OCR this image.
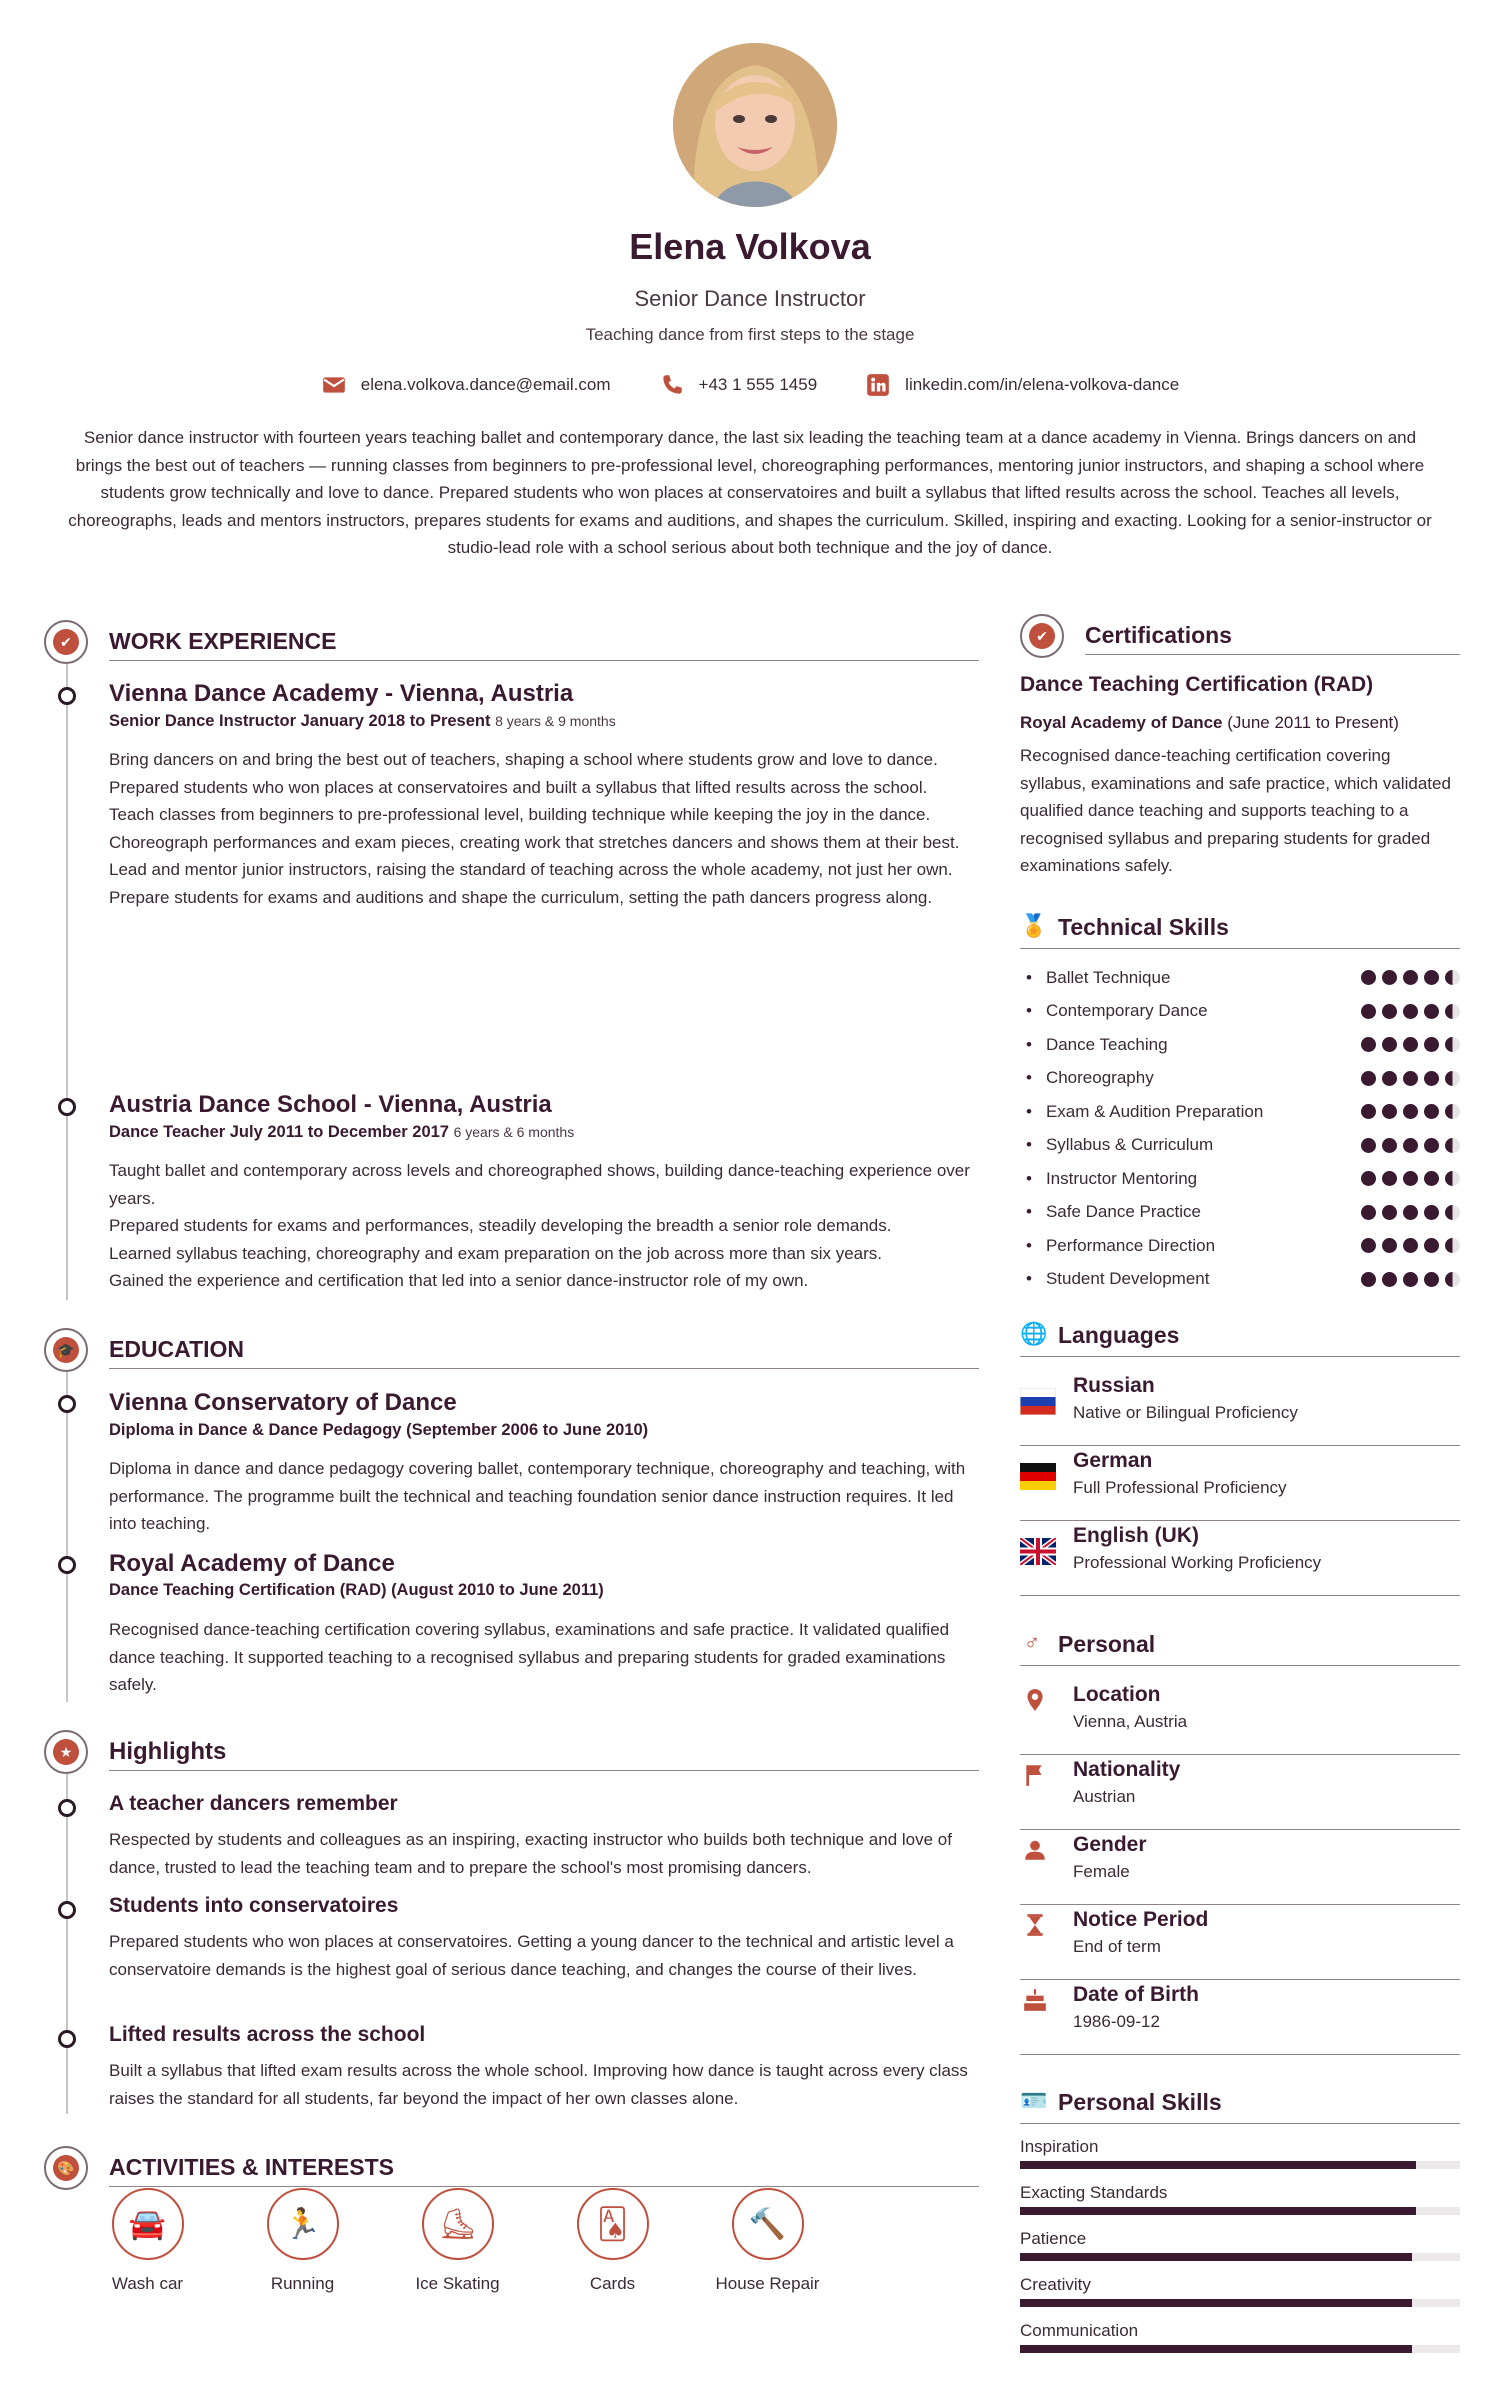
Elena Volkova
Senior Dance Instructor
Teaching dance from first steps to the stage
elena.volkova.dance@email.com	+43 1 555 1459	linkedin.com/in/elena-volkova-dance
Senior dance instructor with fourteen years teaching ballet and contemporary dance, the last six leading the teaching team at a dance academy in Vienna. Brings dancers on and brings the best out of teachers — running classes from beginners to pre-professional level, choreographing performances, mentoring junior instructors, and shaping a school where students grow technically and love to dance. Prepared students who won places at conservatoires and built a syllabus that lifted results across the school. Teaches all levels, choreographs, leads and mentors instructors, prepares students for exams and auditions, and shapes the curriculum. Skilled, inspiring and exacting. Looking for a senior-instructor or studio-lead role with a school serious about both technique and the joy of dance.
✔	WORK EXPERIENCE
Vienna Dance Academy - Vienna, Austria
Senior Dance Instructor January 2018 to Present 8 years & 9 months
Bring dancers on and bring the best out of teachers, shaping a school where students grow and love to dance.
Prepared students who won places at conservatoires and built a syllabus that lifted results across the school.
Teach classes from beginners to pre-professional level, building technique while keeping the joy in the dance.
Choreograph performances and exam pieces, creating work that stretches dancers and shows them at their best.
Lead and mentor junior instructors, raising the standard of teaching across the whole academy, not just her own.
Prepare students for exams and auditions and shape the curriculum, setting the path dancers progress along.
Austria Dance School - Vienna, Austria
Dance Teacher July 2011 to December 2017 6 years & 6 months
Taught ballet and contemporary across levels and choreographed shows, building dance-teaching experience over years.
Prepared students for exams and performances, steadily developing the breadth a senior role demands.
Learned syllabus teaching, choreography and exam preparation on the job across more than six years.
Gained the experience and certification that led into a senior dance-instructor role of my own.
🎓 EDUCATION
Vienna Conservatory of Dance
Diploma in Dance & Dance Pedagogy (September 2006 to June 2010)
Diploma in dance and dance pedagogy covering ballet, contemporary technique, choreography and teaching, with performance. The programme built the technical and teaching foundation senior dance instruction requires. It led into teaching.
Royal Academy of Dance
Dance Teaching Certification (RAD) (August 2010 to June 2011)
Recognised dance-teaching certification covering syllabus, examinations and safe practice. It validated qualified dance teaching. It supported teaching to a recognised syllabus and preparing students for graded examinations safely.
★ Highlights
A teacher dancers remember
Respected by students and colleagues as an inspiring, exacting instructor who builds both technique and love of dance, trusted to lead the teaching team and to prepare the school's most promising dancers.
Students into conservatoires
Prepared students who won places at conservatoires. Getting a young dancer to the technical and artistic level a conservatoire demands is the highest goal of serious dance teaching, and changes the course of their lives.
Lifted results across the school
Built a syllabus that lifted exam results across the whole school. Improving how dance is taught across every class raises the standard for all students, far beyond the impact of her own classes alone.
🎨 ACTIVITIES & INTERESTS
🚘
Wash car
🏃
Running
⛸
Ice Skating
🂡
Cards
🔨
House Repair
✔	Certifications
Dance Teaching Certification (RAD)
Royal Academy of Dance (June 2011 to Present)
Recognised dance-teaching certification covering syllabus, examinations and safe practice, which validated qualified dance teaching and supports teaching to a recognised syllabus and preparing students for graded examinations safely.
🏅 Technical Skills
• Ballet Technique
• Contemporary Dance
• Dance Teaching
• Choreography
• Exam & Audition Preparation
• Syllabus & Curriculum
• Instructor Mentoring
• Safe Dance Practice
• Performance Direction
• Student Development
🌐 Languages
Russian
Native or Bilingual Proficiency
German
Full Professional Proficiency
English (UK)
Professional Working Proficiency
♂ Personal
Location
Vienna, Austria
Nationality
Austrian
Gender
Female
Notice Period
End of term
Date of Birth
1986-09-12
🪪 Personal Skills
Inspiration
Exacting Standards
Patience
Creativity
Communication
